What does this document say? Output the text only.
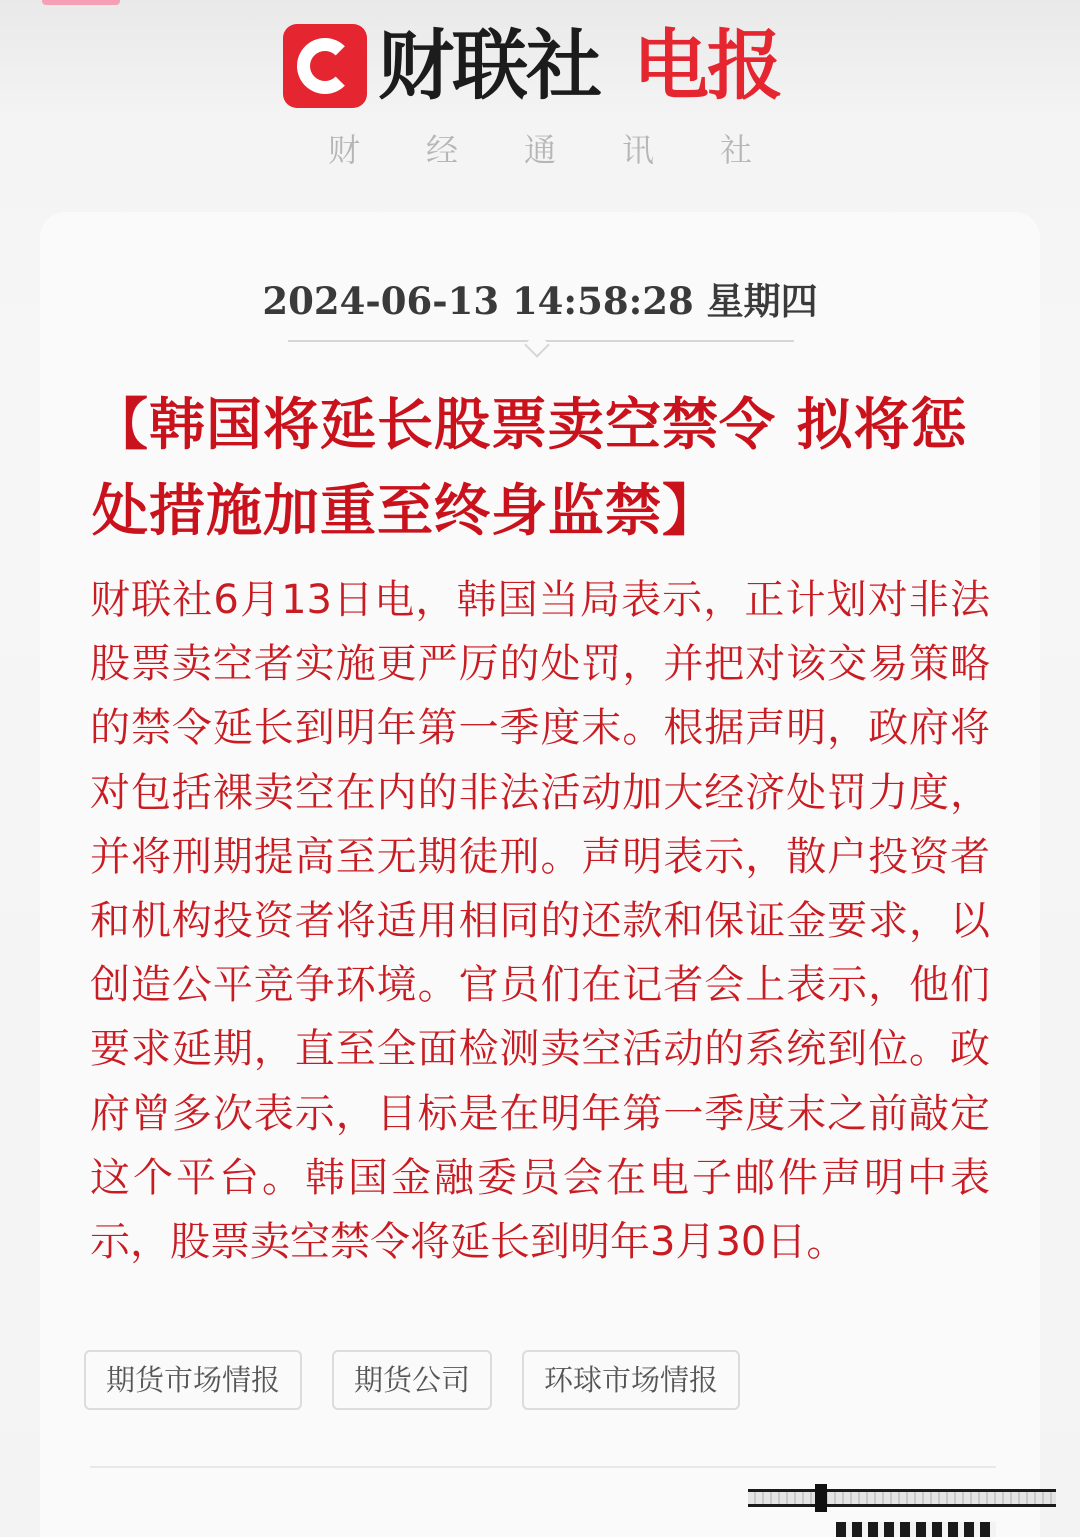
财联社 电报
财经通讯社
2024-06-13 14:58:28 星期四
【韩国将延长股票卖空禁令 拟将惩处措施加重至终身监禁】
财联社6月13日电，韩国当局表示，正计划对非法股票卖空者实施更严厉的处罚，并把对该交易策略的禁令延长到明年第一季度末。根据声明，政府将对包括裸卖空在内的非法活动加大经济处罚力度，并将刑期提高至无期徒刑。声明表示，散户投资者和机构投资者将适用相同的还款和保证金要求，以创造公平竞争环境。官员们在记者会上表示，他们要求延期，直至全面检测卖空活动的系统到位。政府曾多次表示，目标是在明年第一季度末之前敲定这个平台。韩国金融委员会在电子邮件声明中表示，股票卖空禁令将延长到明年3月30日。
期货市场情报	期货公司	环球市场情报
